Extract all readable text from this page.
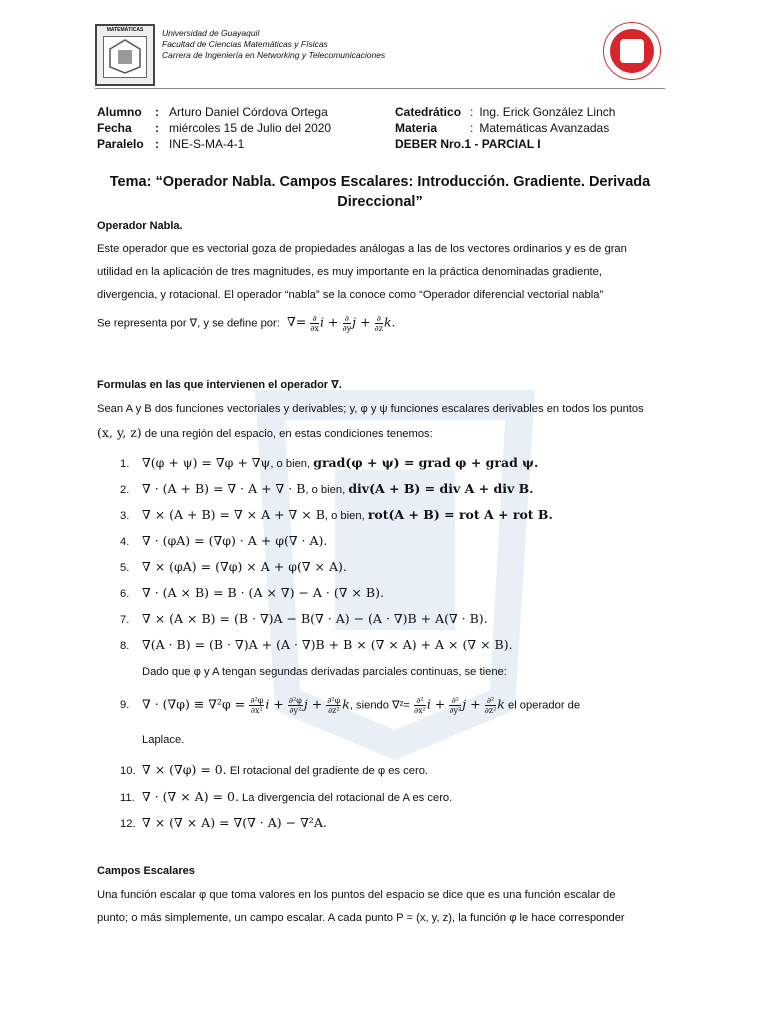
MATEMÁTICAS	Universidad de Guayaquil
Facultad de Ciencias Matemáticas y Físicas
Carrera de Ingeniería en Networking y Telecomunicaciones
Alumno : Arturo Daniel Córdova Ortega
Fecha : miércoles 15 de Julio del 2020
Paralelo : INE-S-MA-4-1
Catedrático : Ing. Erick González Linch
Materia	: Matemáticas Avanzadas
DEBER Nro.1 - PARCIAL I
Tema: “Operador Nabla. Campos Escalares: Introducción. Gradiente. Derivada
Direccional”
Operador Nabla.
Este operador que es vectorial goza de propiedades análogas a las de los vectores ordinarios y es de gran
utilidad en la aplicación de tres magnitudes, es muy importante en la práctica denominadas gradiente,
divergencia, y rotacional. El operador “nabla” se la conoce como “Operador diferencial vectorial nabla”
Se representa por ∇, y se define por: ∇= $\frac{\partial}{\partial x}$ $i + \frac{\partial}{\partial y}$ $j + \frac{\partial}{\partial z} k$.
Formulas en las que intervienen el operador ∇.
Sean A y B dos funciones vectoriales y derivables; y, φ y ψ funciones escalares derivables en todos los puntos
(x, y, z) de una región del espacio, en estas condiciones tenemos:
1. ∇(φ + ψ) = ∇φ + ∇ψ, o bien, grad(φ + ψ) = grad φ + grad ψ.
2. ∇ · (A + B) = ∇ · A + ∇ · B, o bien, div(A + B) = div A + div B.
3. ∇ × (A + B) = ∇ × A + ∇ × B, o bien, rot(A + B) = rot A + rot B.
4. ∇ · (φA) = (∇φ) · A + φ(∇ · A).
5. ∇ × (φA) = (∇φ) × A + φ(∇ × A).
6. ∇ · (A × B) = B · (A × ∇) − A · (∇ × B).
7. ∇ × (A × B) = (B · ∇)A − B(∇ · A) − (A · ∇)B + A(∇ · B).
8. ∇(A · B) = (B · ∇)A + (A · ∇)B + B × (∇ × A) + A × (∇ × B).
Dado que φ y A tengan segundas derivadas parciales continuas, se tiene:
9. ∇ · $(\nabla\varphi) \equiv \nabla^2\varphi = \frac{\text{∂²φ}}{\text{∂x²}}$ $i + \frac{\text{∂²φ}}{\text{∂y²}}$ $j + \frac{\text{∂²φ}}{\text{∂z²}} k$, siendo $\nabla^2= \frac{\text{∂²}}{\text{∂x²}}$ $i + \frac{\text{∂²}}{\text{∂y²}}$ $j + \frac{\text{∂²}}{\text{∂z²}}$ k el operador de
Laplace.
10. ∇ × (∇φ) = 0. El rotacional del gradiente de φ es cero.
11. ∇ · (∇ × A) = 0. La divergencia del rotacional de A es cero.
12. ∇ × (∇ × A) = ∇(∇ · A) − ∇²A.
Campos Escalares
Una función escalar φ que toma valores en los puntos del espacio se dice que es una función escalar de
punto; o más simplemente, un campo escalar. A cada punto P = (x, y, z), la función φ le hace corresponder
